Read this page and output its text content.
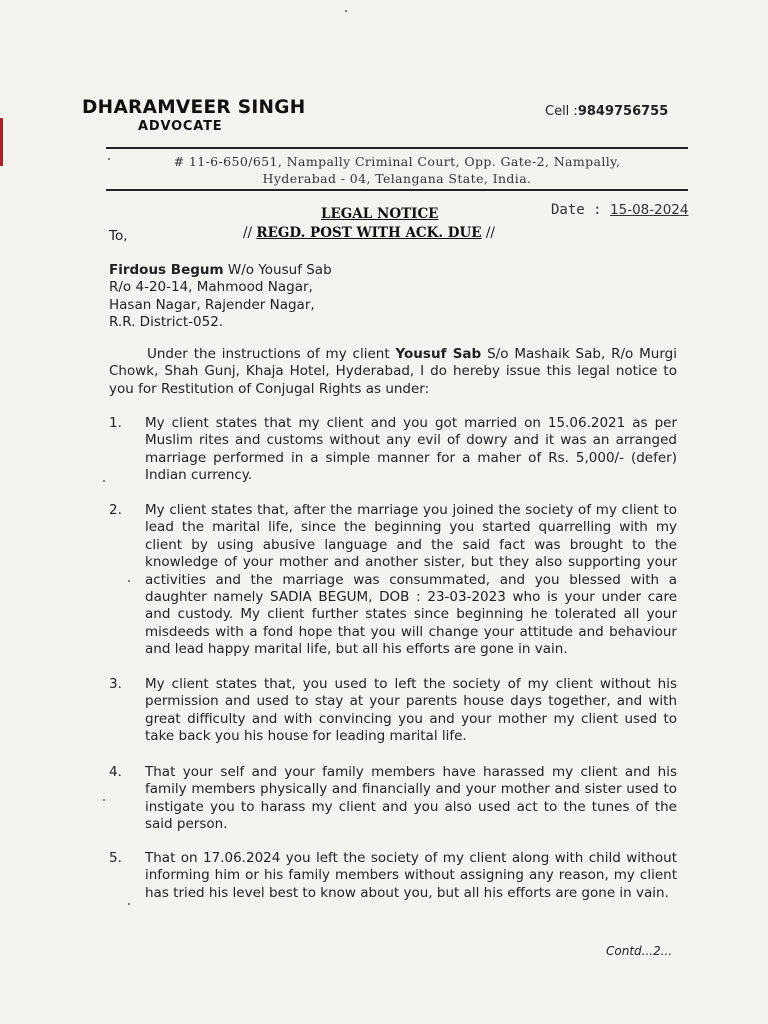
DHARAMVEER SINGH
ADVOCATE
Cell :9849756755
# 11-6-650/651, Nampally Criminal Court, Opp. Gate-2, Nampally,
Hyderabad - 04, Telangana State, India.
LEGAL NOTICE	Date : 15-08-2024
To,	// REGD. POST WITH ACK. DUE //
Firdous Begum W/o Yousuf Sab
R/o 4-20-14, Mahmood Nagar,
Hasan Nagar, Rajender Nagar,
R.R. District-052.
Under the instructions of my client Yousuf Sab S/o Mashaik Sab, R/o Murgi Chowk, Shah Gunj, Khaja Hotel, Hyderabad, I do hereby issue this legal notice to you for Restitution of Conjugal Rights as under:
1.	My client states that my client and you got married on 15.06.2021 as per Muslim rites and customs without any evil of dowry and it was an arranged marriage performed in a simple manner for a maher of Rs. 5,000/- (defer) Indian currency.
2.	My client states that, after the marriage you joined the society of my client to lead the marital life, since the beginning you started quarrelling with my client by using abusive language and the said fact was brought to the knowledge of your mother and another sister, but they also supporting your activities and the marriage was consummated, and you blessed with a daughter namely SADIA BEGUM, DOB : 23-03-2023 who is your under care and custody. My client further states since beginning he tolerated all your misdeeds with a fond hope that you will change your attitude and behaviour and lead happy marital life, but all his efforts are gone in vain.
3.	My client states that, you used to left the society of my client without his permission and used to stay at your parents house days together, and with great difficulty and with convincing you and your mother my client used to take back you his house for leading marital life.
4.	That your self and your family members have harassed my client and his family members physically and financially and your mother and sister used to instigate you to harass my client and you also used act to the tunes of the said person.
5.	That on 17.06.2024 you left the society of my client along with child without informing him or his family members without assigning any reason, my client has tried his level best to know about you, but all his efforts are gone in vain.
Contd...2...
